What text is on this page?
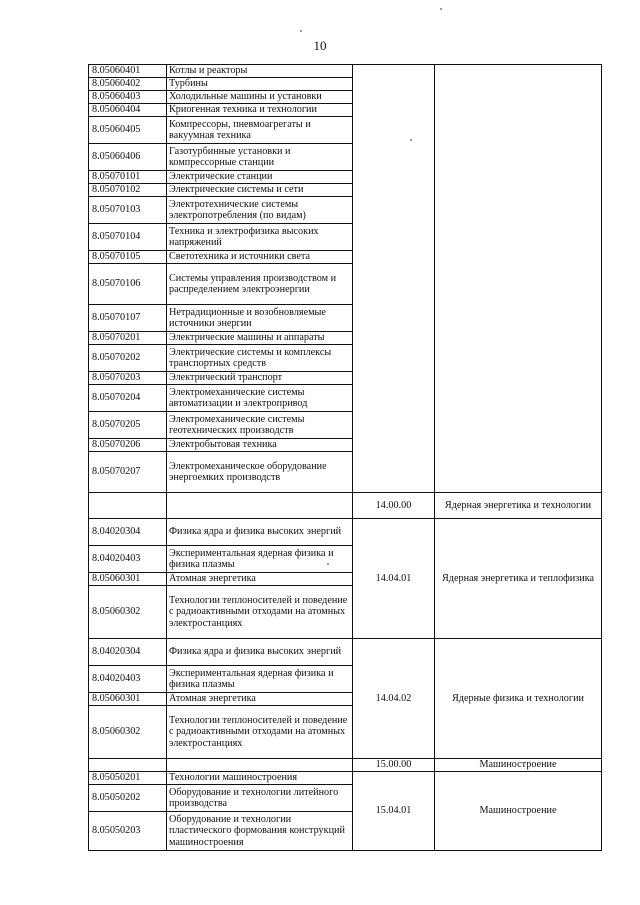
10
8.05060401	Котлы и реакторы		
8.05060402	Турбины		
8.05060403	Холодильные машины и установки		
8.05060404	Криогенная техника и технологии		
8.05060405	Компрессоры, пневмоагрегаты и вакуумная техника		
8.05060406	Газотурбинные установки и компрессорные станции		
8.05070101	Электрические станции		
8.05070102	Электрические системы и сети		
8.05070103	Электротехнические системы электропотребления (по видам)		
8.05070104	Техника и электрофизика высоких напряжений		
8.05070105	Светотехника и источники света		
8.05070106	Системы управления производством и распределением электроэнергии		
8.05070107	Нетрадиционные и возобновляемые источники энергии		
8.05070201	Электрические машины и аппараты		
8.05070202	Электрические системы и комплексы транспортных средств		
8.05070203	Электрический транспорт		
8.05070204	Электромеханические системы автоматизации и электропривод		
8.05070205	Электромеханические системы геотехнических производств		
8.05070206	Электробытовая техника		
8.05070207	Электромеханическое оборудование энергоемких производств		
		14.00.00	Ядерная энергетика и технологии
8.04020304	Физика ядра и физика высоких энергий	14.04.01	Ядерная энергетика и теплофизика
8.04020403	Экспериментальная ядерная физика и физика плазмы		
8.05060301	Атомная энергетика		
8.05060302	Технологии теплоносителей и поведение с радиоактивными отходами на атомных электростанциях		
8.04020304	Физика ядра и физика высоких энергий	14.04.02	Ядерные физика и технологии
8.04020403	Экспериментальная ядерная физика и физика плазмы		
8.05060301	Атомная энергетика		
8.05060302	Технологии теплоносителей и поведение с радиоактивными отходами на атомных электростанциях		
		15.00.00	Машиностроение
8.05050201	Технологии машиностроения	15.04.01	Машиностроение
8.05050202	Оборудование и технологии литейного производства		
8.05050203	Оборудование и технологии пластического формования конструкций машиностроения		
